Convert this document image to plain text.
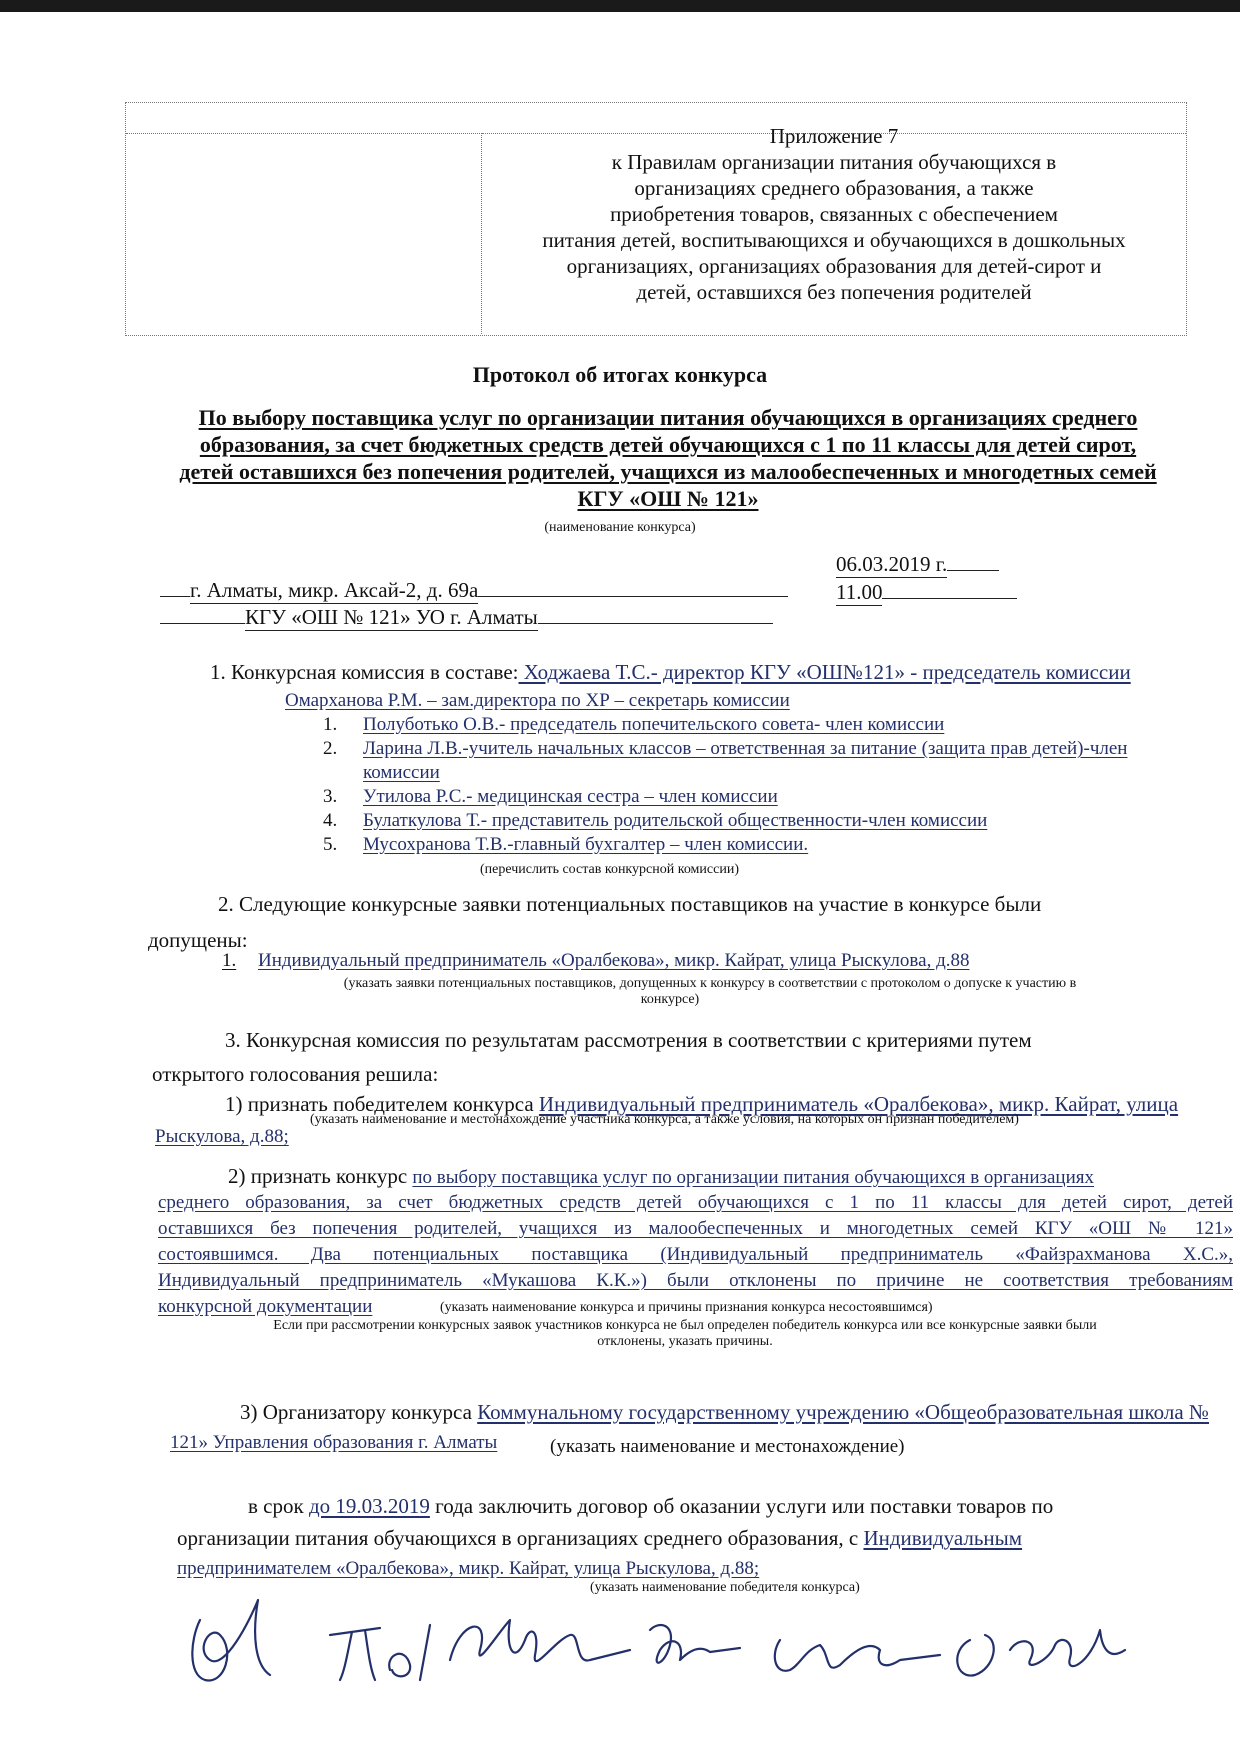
Приложение 7
к Правилам организации питания обучающихся в
организациях среднего образования, а также
приобретения товаров, связанных с обеспечением
питания детей, воспитывающихся и обучающихся в дошкольных
организациях, организациях образования для детей-сирот и
детей, оставшихся без попечения родителей
Протокол об итогах конкурса
По выбору поставщика услуг по организации питания обучающихся в организациях среднего
образования, за счет бюджетных средств детей обучающихся с 1 по 11 классы для детей сирот,
детей оставшихся без попечения родителей, учащихся из малообеспеченных и многодетных семей
КГУ «ОШ № 121»
(наименование конкурса)
г. Алматы, микр. Аксай-2, д. 69а
06.03.2019 г.
КГУ «ОШ № 121» УО г. Алматы
11.00
1. Конкурсная комиссия в составе: Ходжаева Т.С.- директор КГУ «ОШ№121» - председатель комиссии
Омарханова Р.М. – зам.директора по ХР – секретарь комиссии
1. Полуботько О.В.- председатель попечительского совета- член комиссии
2. Ларина Л.В.-учитель начальных классов – ответственная за питание (защита прав детей)-член
комиссии
3. Утилова Р.С.- медицинская сестра – член комиссии
4. Булаткулова Т.- представитель родительской общественности-член комиссии
5. Мусохранова Т.В.-главный бухгалтер – член комиссии.
(перечислить состав конкурсной комиссии)
2. Следующие конкурсные заявки потенциальных поставщиков на участие в конкурсе были
допущены:
1. Индивидуальный предприниматель «Оралбекова», микр. Кайрат, улица Рыскулова, д.88
(указать заявки потенциальных поставщиков, допущенных к конкурсу в соответствии с протоколом о допуске к участию в
конкурсе)
3. Конкурсная комиссия по результатам рассмотрения в соответствии с критериями путем
открытого голосования решила:
1) признать победителем конкурса Индивидуальный предприниматель «Оралбекова», микр. Кайрат, улица
Рыскулова, д.88;
(указать наименование и местонахождение участника конкурса, а также условия, на которых он признан победителем)
2) признать конкурс по выбору поставщика услуг по организации питания обучающихся в организациях
среднего образования, за счет бюджетных средств детей обучающихся с 1 по 11 классы для детей сирот, детей
оставшихся без попечения родителей, учащихся из малообеспеченных и многодетных семей КГУ «ОШ № 121»
состоявшимся. Два потенциальных поставщика (Индивидуальный предприниматель «Файзрахманова Х.С.»,
Индивидуальный предприниматель «Мукашова К.К.») были отклонены по причине не соответствия требованиям
конкурсной документации	(указать наименование конкурса и причины признания конкурса несостоявшимся)
Если при рассмотрении конкурсных заявок участников конкурса не был определен победитель конкурса или все конкурсные заявки были
отклонены, указать причины.
3) Организатору конкурса Коммунальному государственному учреждению «Общеобразовательная школа №
121» Управления образования г. Алматы	(указать наименование и местонахождение)
в срок до 19.03.2019 года заключить договор об оказании услуги или поставки товаров по
организации питания обучающихся в организациях среднего образования, с Индивидуальным
предпринимателем «Оралбекова», микр. Кайрат, улица Рыскулова, д.88;
(указать наименование победителя конкурса)
